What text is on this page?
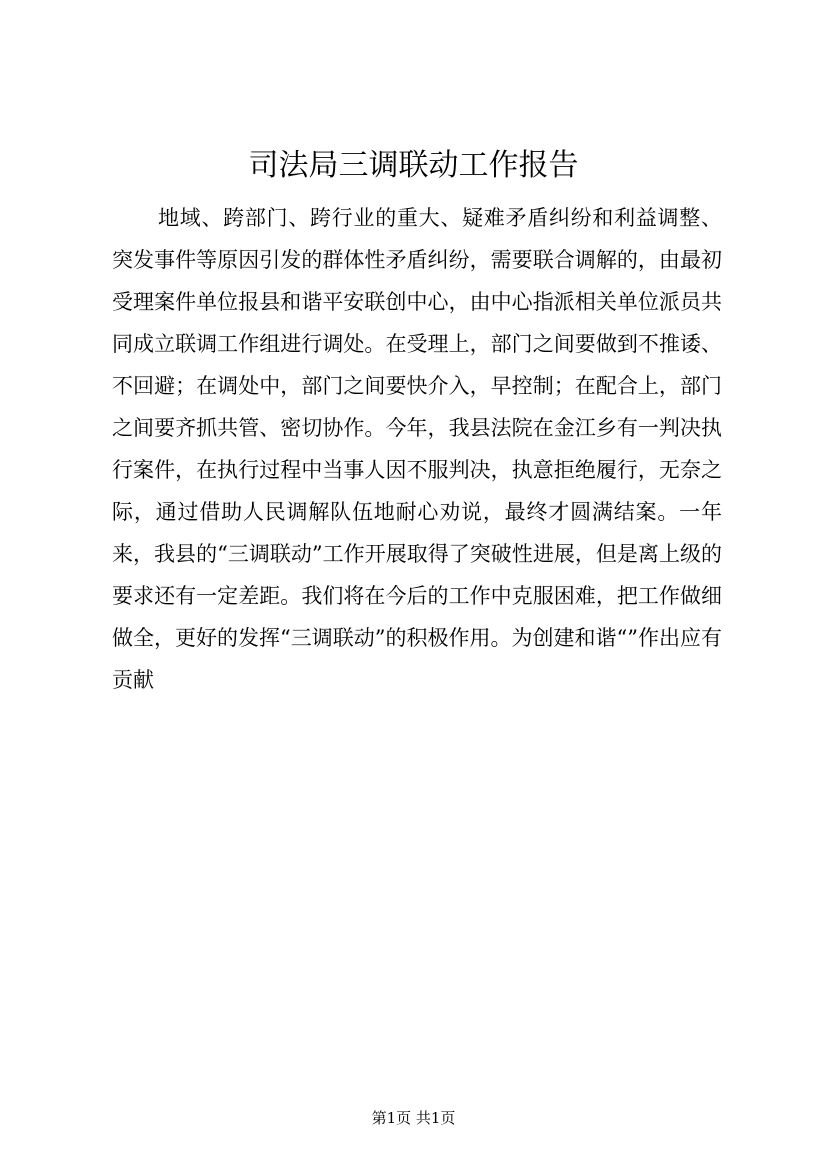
司法局三调联动工作报告

地域、跨部门、跨行业的重大、疑难矛盾纠纷和利益调整、突发事件等原因引发的群体性矛盾纠纷，需要联合调解的，由最初受理案件单位报县和谐平安联创中心，由中心指派相关单位派员共同成立联调工作组进行调处。在受理上，部门之间要做到不推诿、不回避；在调处中，部门之间要快介入，早控制；在配合上，部门之间要齐抓共管、密切协作。今年，我县法院在金江乡有一判决执行案件，在执行过程中当事人因不服判决，执意拒绝履行，无奈之际，通过借助人民调解队伍地耐心劝说，最终才圆满结案。一年来，我县的“三调联动”工作开展取得了突破性进展，但是离上级的要求还有一定差距。我们将在今后的工作中克服困难，把工作做细做全，更好的发挥“三调联动”的积极作用。为创建和谐“”作出应有贡献

第1页 共1页
